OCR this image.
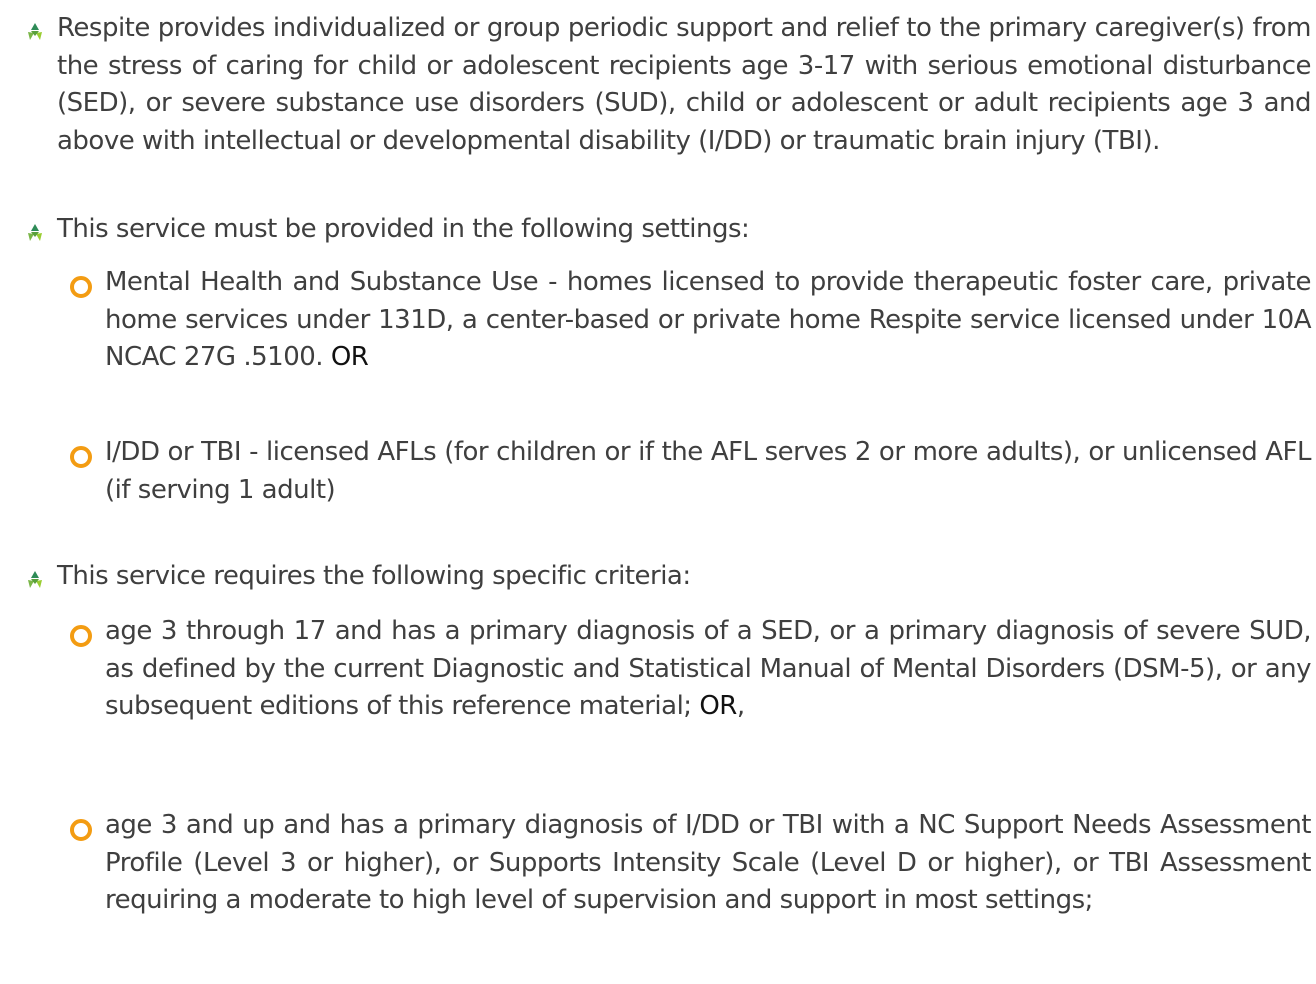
Respite provides individualized or group periodic support and relief to the primary caregiver(s) from the stress of caring for child or adolescent recipients age 3-17 with serious emotional disturbance (SED), or severe substance use disorders (SUD), child or adolescent or adult recipients age 3 and above with intellectual or developmental disability (I/DD) or traumatic brain injury (TBI).
This service must be provided in the following settings:
Mental Health and Substance Use - homes licensed to provide therapeutic foster care, private home services under 131D, a center-based or private home Respite service licensed under 10A NCAC 27G .5100. OR
I/DD or TBI - licensed AFLs (for children or if the AFL serves 2 or more adults), or unlicensed AFL (if serving 1 adult)
This service requires the following specific criteria:
age 3 through 17 and has a primary diagnosis of a SED, or a primary diagnosis of severe SUD, as defined by the current Diagnostic and Statistical Manual of Mental Disorders (DSM-5), or any subsequent editions of this reference material; OR,
age 3 and up and has a primary diagnosis of I/DD or TBI with a NC Support Needs Assessment Profile (Level 3 or higher), or Supports Intensity Scale (Level D or higher), or TBI Assessment requiring a moderate to high level of supervision and support in most settings;
